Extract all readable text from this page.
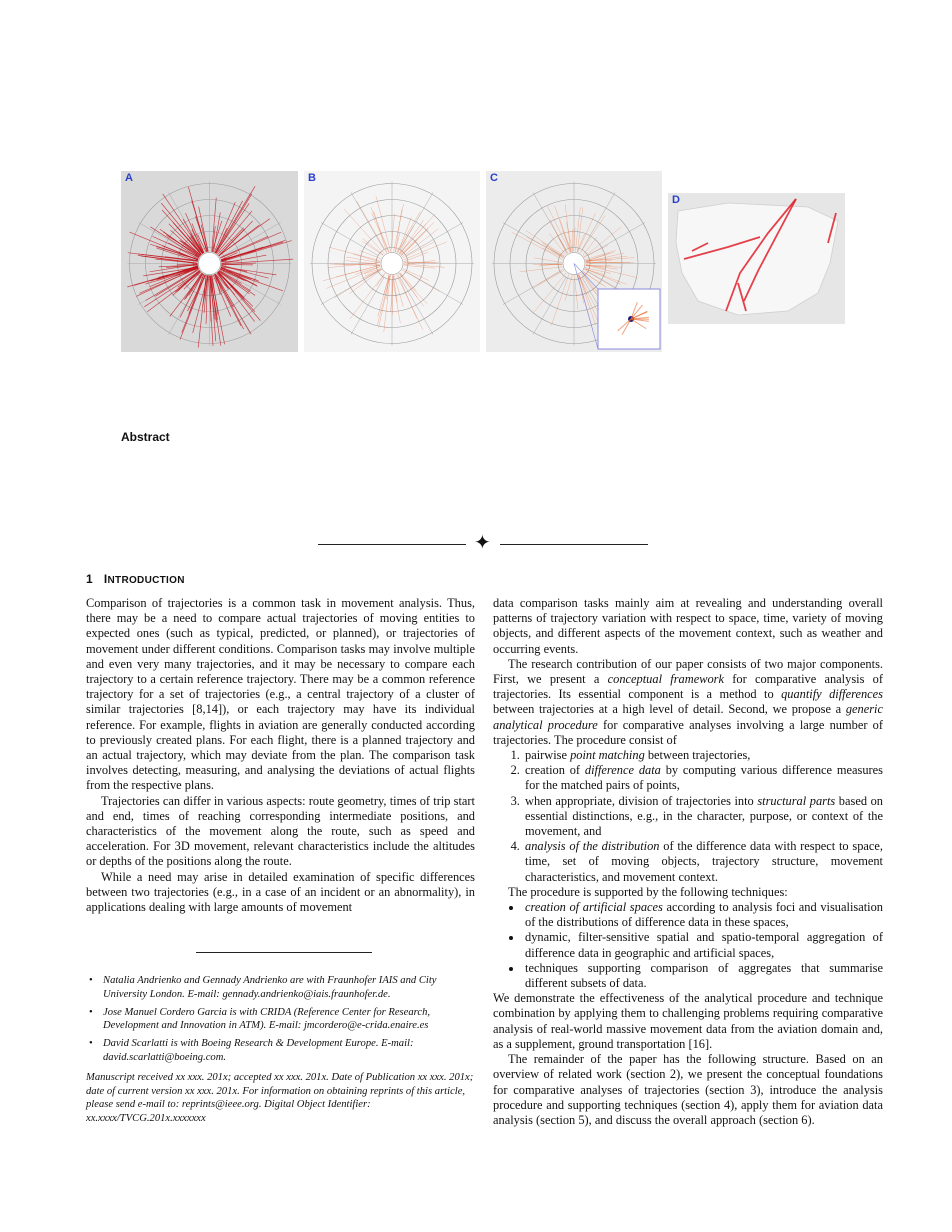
A	B	C
D
Abstract
✦
1 INTRODUCTION

Comparison of trajectories is a common task in movement analysis. Thus, there may be a need to compare actual trajectories of moving entities to expected ones (such as typical, predicted, or planned), or trajectories of movement under different conditions. Comparison tasks may involve multiple and even very many trajectories, and it may be necessary to compare each trajectory to a certain reference trajectory. There may be a common reference trajectory for a set of trajectories (e.g., a central trajectory of a cluster of similar trajectories [8,14]), or each trajectory may have its individual reference. For example, flights in aviation are generally conducted according to previously created plans. For each flight, there is a planned trajectory and an actual trajectory, which may deviate from the plan. The comparison task involves detecting, measuring, and analysing the deviations of actual flights from the respective plans.

Trajectories can differ in various aspects: route geometry, times of trip start and end, times of reaching corresponding intermediate positions, and characteristics of the movement along the route, such as speed and acceleration. For 3D movement, relevant characteristics include the altitudes or depths of the positions along the route.

While a need may arise in detailed examination of specific differences between two trajectories (e.g., in a case of an incident or an abnormality), in applications dealing with large amounts of movement

• Natalia Andrienko and Gennady Andrienko are with Fraunhofer IAIS and City University London. E-mail: gennady.andrienko@iais.fraunhofer.de.
• Jose Manuel Cordero Garcia is with CRIDA (Reference Center for Research, Development and Innovation in ATM). E-mail: jmcordero@e-crida.enaire.es
• David Scarlatti is with Boeing Research & Development Europe. E-mail: david.scarlatti@boeing.com.

Manuscript received xx xxx. 201x; accepted xx xxx. 201x. Date of Publication xx xxx. 201x; date of current version xx xxx. 201x. For information on obtaining reprints of this article, please send e-mail to: reprints@ieee.org. Digital Object Identifier: xx.xxxx/TVCG.201x.xxxxxxx

data comparison tasks mainly aim at revealing and understanding overall patterns of trajectory variation with respect to space, time, variety of moving objects, and different aspects of the movement context, such as weather and occurring events.

The research contribution of our paper consists of two major components. First, we present a conceptual framework for comparative analysis of trajectories. Its essential component is a method to quantify differences between trajectories at a high level of detail. Second, we propose a generic analytical procedure for comparative analyses involving a large number of trajectories. The procedure consist of

1. pairwise point matching between trajectories,
2. creation of difference data by computing various difference measures for the matched pairs of points,
3. when appropriate, division of trajectories into structural parts based on essential distinctions, e.g., in the character, purpose, or context of the movement, and
4. analysis of the distribution of the difference data with respect to space, time, set of moving objects, trajectory structure, movement characteristics, and movement context.

The procedure is supported by the following techniques:

• creation of artificial spaces according to analysis foci and visualisation of the distributions of difference data in these spaces,
• dynamic, filter-sensitive spatial and spatio-temporal aggregation of difference data in geographic and artificial spaces,
• techniques supporting comparison of aggregates that summarise different subsets of data.

We demonstrate the effectiveness of the analytical procedure and technique combination by applying them to challenging problems requiring comparative analysis of real-world massive movement data from the aviation domain and, as a supplement, ground transportation [16].

The remainder of the paper has the following structure. Based on an overview of related work (section 2), we present the conceptual foundations for comparative analyses of trajectories (section 3), introduce the analysis procedure and supporting techniques (section 4), apply them for aviation data analysis (section 5), and discuss the overall approach (section 6).
